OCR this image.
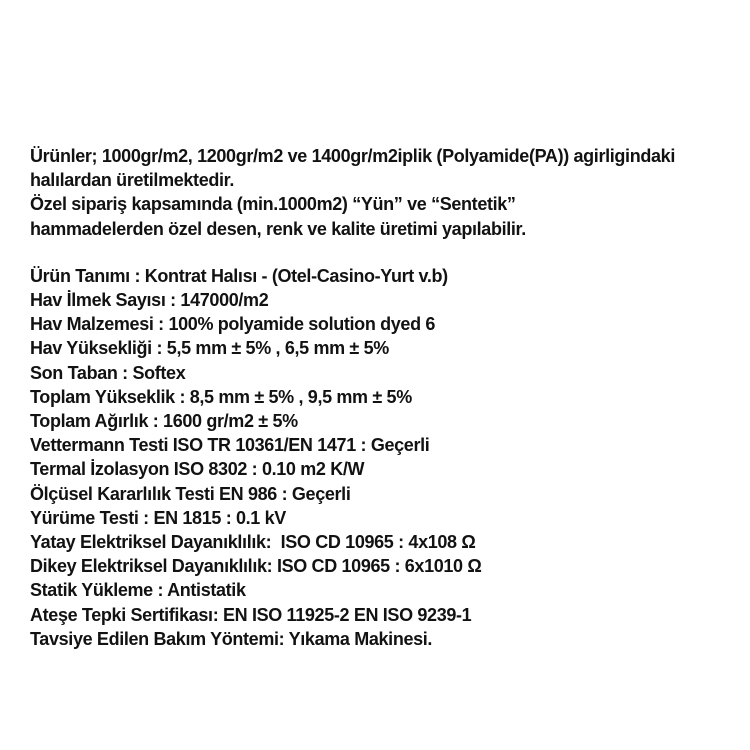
Ürünler; 1000gr/m2, 1200gr/m2 ve 1400gr/m2iplik (Polyamide(PA)) agirligindaki
halılardan üretilmektedir.
Özel sipariş kapsamında (min.1000m2) “Yün” ve “Sentetik”
hammadelerden özel desen, renk ve kalite üretimi yapılabilir.
Ürün Tanımı : Kontrat Halısı - (Otel-Casino-Yurt v.b)
Hav İlmek Sayısı : 147000/m2
Hav Malzemesi : 100% polyamide solution dyed 6
Hav Yüksekliği : 5,5 mm ± 5% , 6,5 mm ± 5%
Son Taban : Softex
Toplam Yükseklik : 8,5 mm ± 5% , 9,5 mm ± 5%
Toplam Ağırlık : 1600 gr/m2 ± 5%
Vettermann Testi ISO TR 10361/EN 1471 : Geçerli
Termal İzolasyon ISO 8302 : 0.10 m2 K/W
Ölçüsel Kararlılık Testi EN 986 : Geçerli
Yürüme Testi : EN 1815 : 0.1 kV
Yatay Elektriksel Dayanıklılık:  ISO CD 10965 : 4x108 Ω
Dikey Elektriksel Dayanıklılık: ISO CD 10965 : 6x1010 Ω
Statik Yükleme : Antistatik
Ateşe Tepki Sertifikası: EN ISO 11925-2 EN ISO 9239-1
Tavsiye Edilen Bakım Yöntemi: Yıkama Makinesi.
